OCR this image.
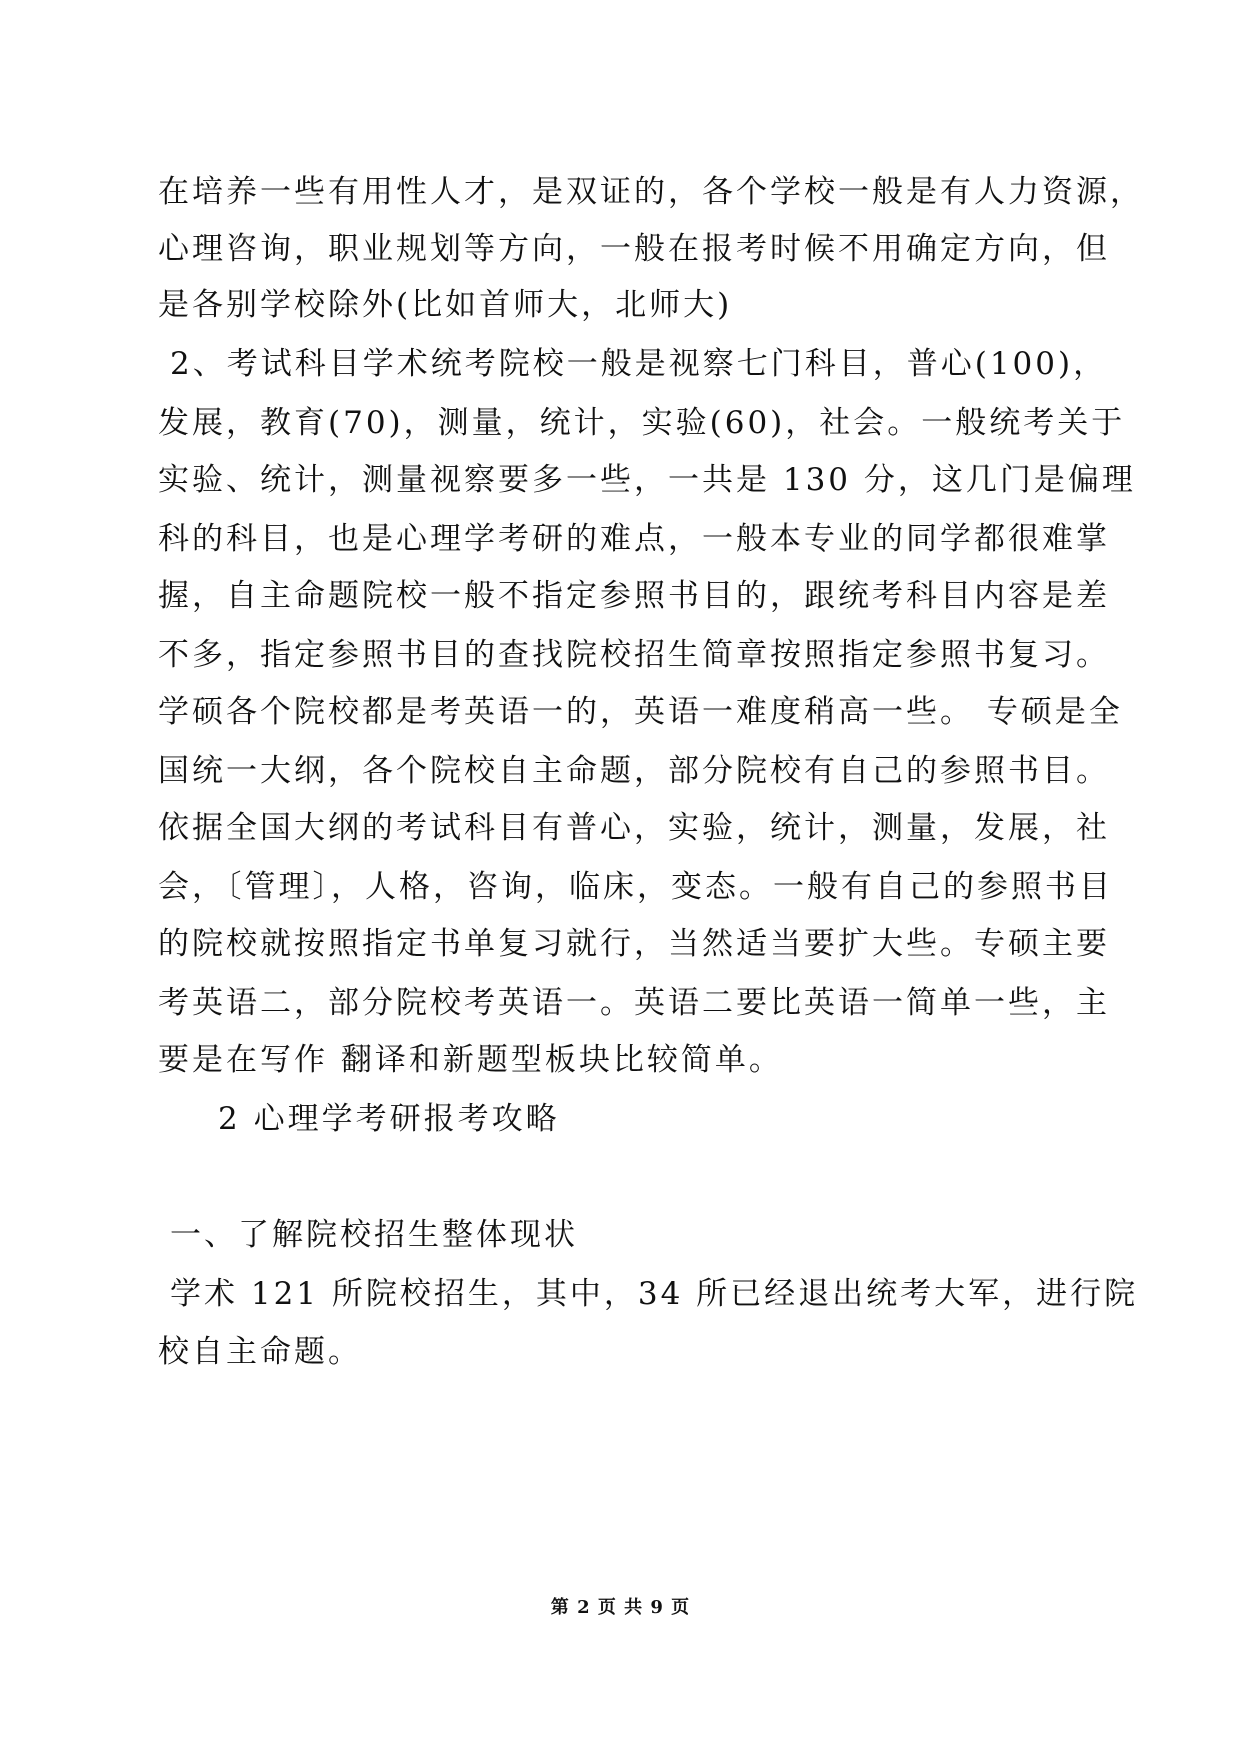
在培养一些有用性人才，是双证的，各个学校一般是有人力资源，
心理咨询，职业规划等方向，一般在报考时候不用确定方向，但
是各别学校除外(比如首师大，北师大)
2、考试科目学术统考院校一般是视察七门科目，普心(100)，
发展，教育(70)，测量，统计，实验(60)，社会。一般统考关于
实验、统计，测量视察要多一些，一共是 130 分，这几门是偏理
科的科目，也是心理学考研的难点，一般本专业的同学都很难掌
握，自主命题院校一般不指定参照书目的，跟统考科目内容是差
不多，指定参照书目的查找院校招生简章按照指定参照书复习。
学硕各个院校都是考英语一的，英语一难度稍高一些。 专硕是全
国统一大纲，各个院校自主命题，部分院校有自己的参照书目。
依据全国大纲的考试科目有普心，实验，统计，测量，发展，社
会，〔管理〕，人格，咨询，临床，变态。一般有自己的参照书目
的院校就按照指定书单复习就行，当然适当要扩大些。专硕主要
考英语二，部分院校考英语一。英语二要比英语一简单一些，主
要是在写作 翻译和新题型板块比较简单。
2 心理学考研报考攻略
一、了解院校招生整体现状
学术 121 所院校招生，其中，34 所已经退出统考大军，进行院
校自主命题。
第 2 页 共 9 页
